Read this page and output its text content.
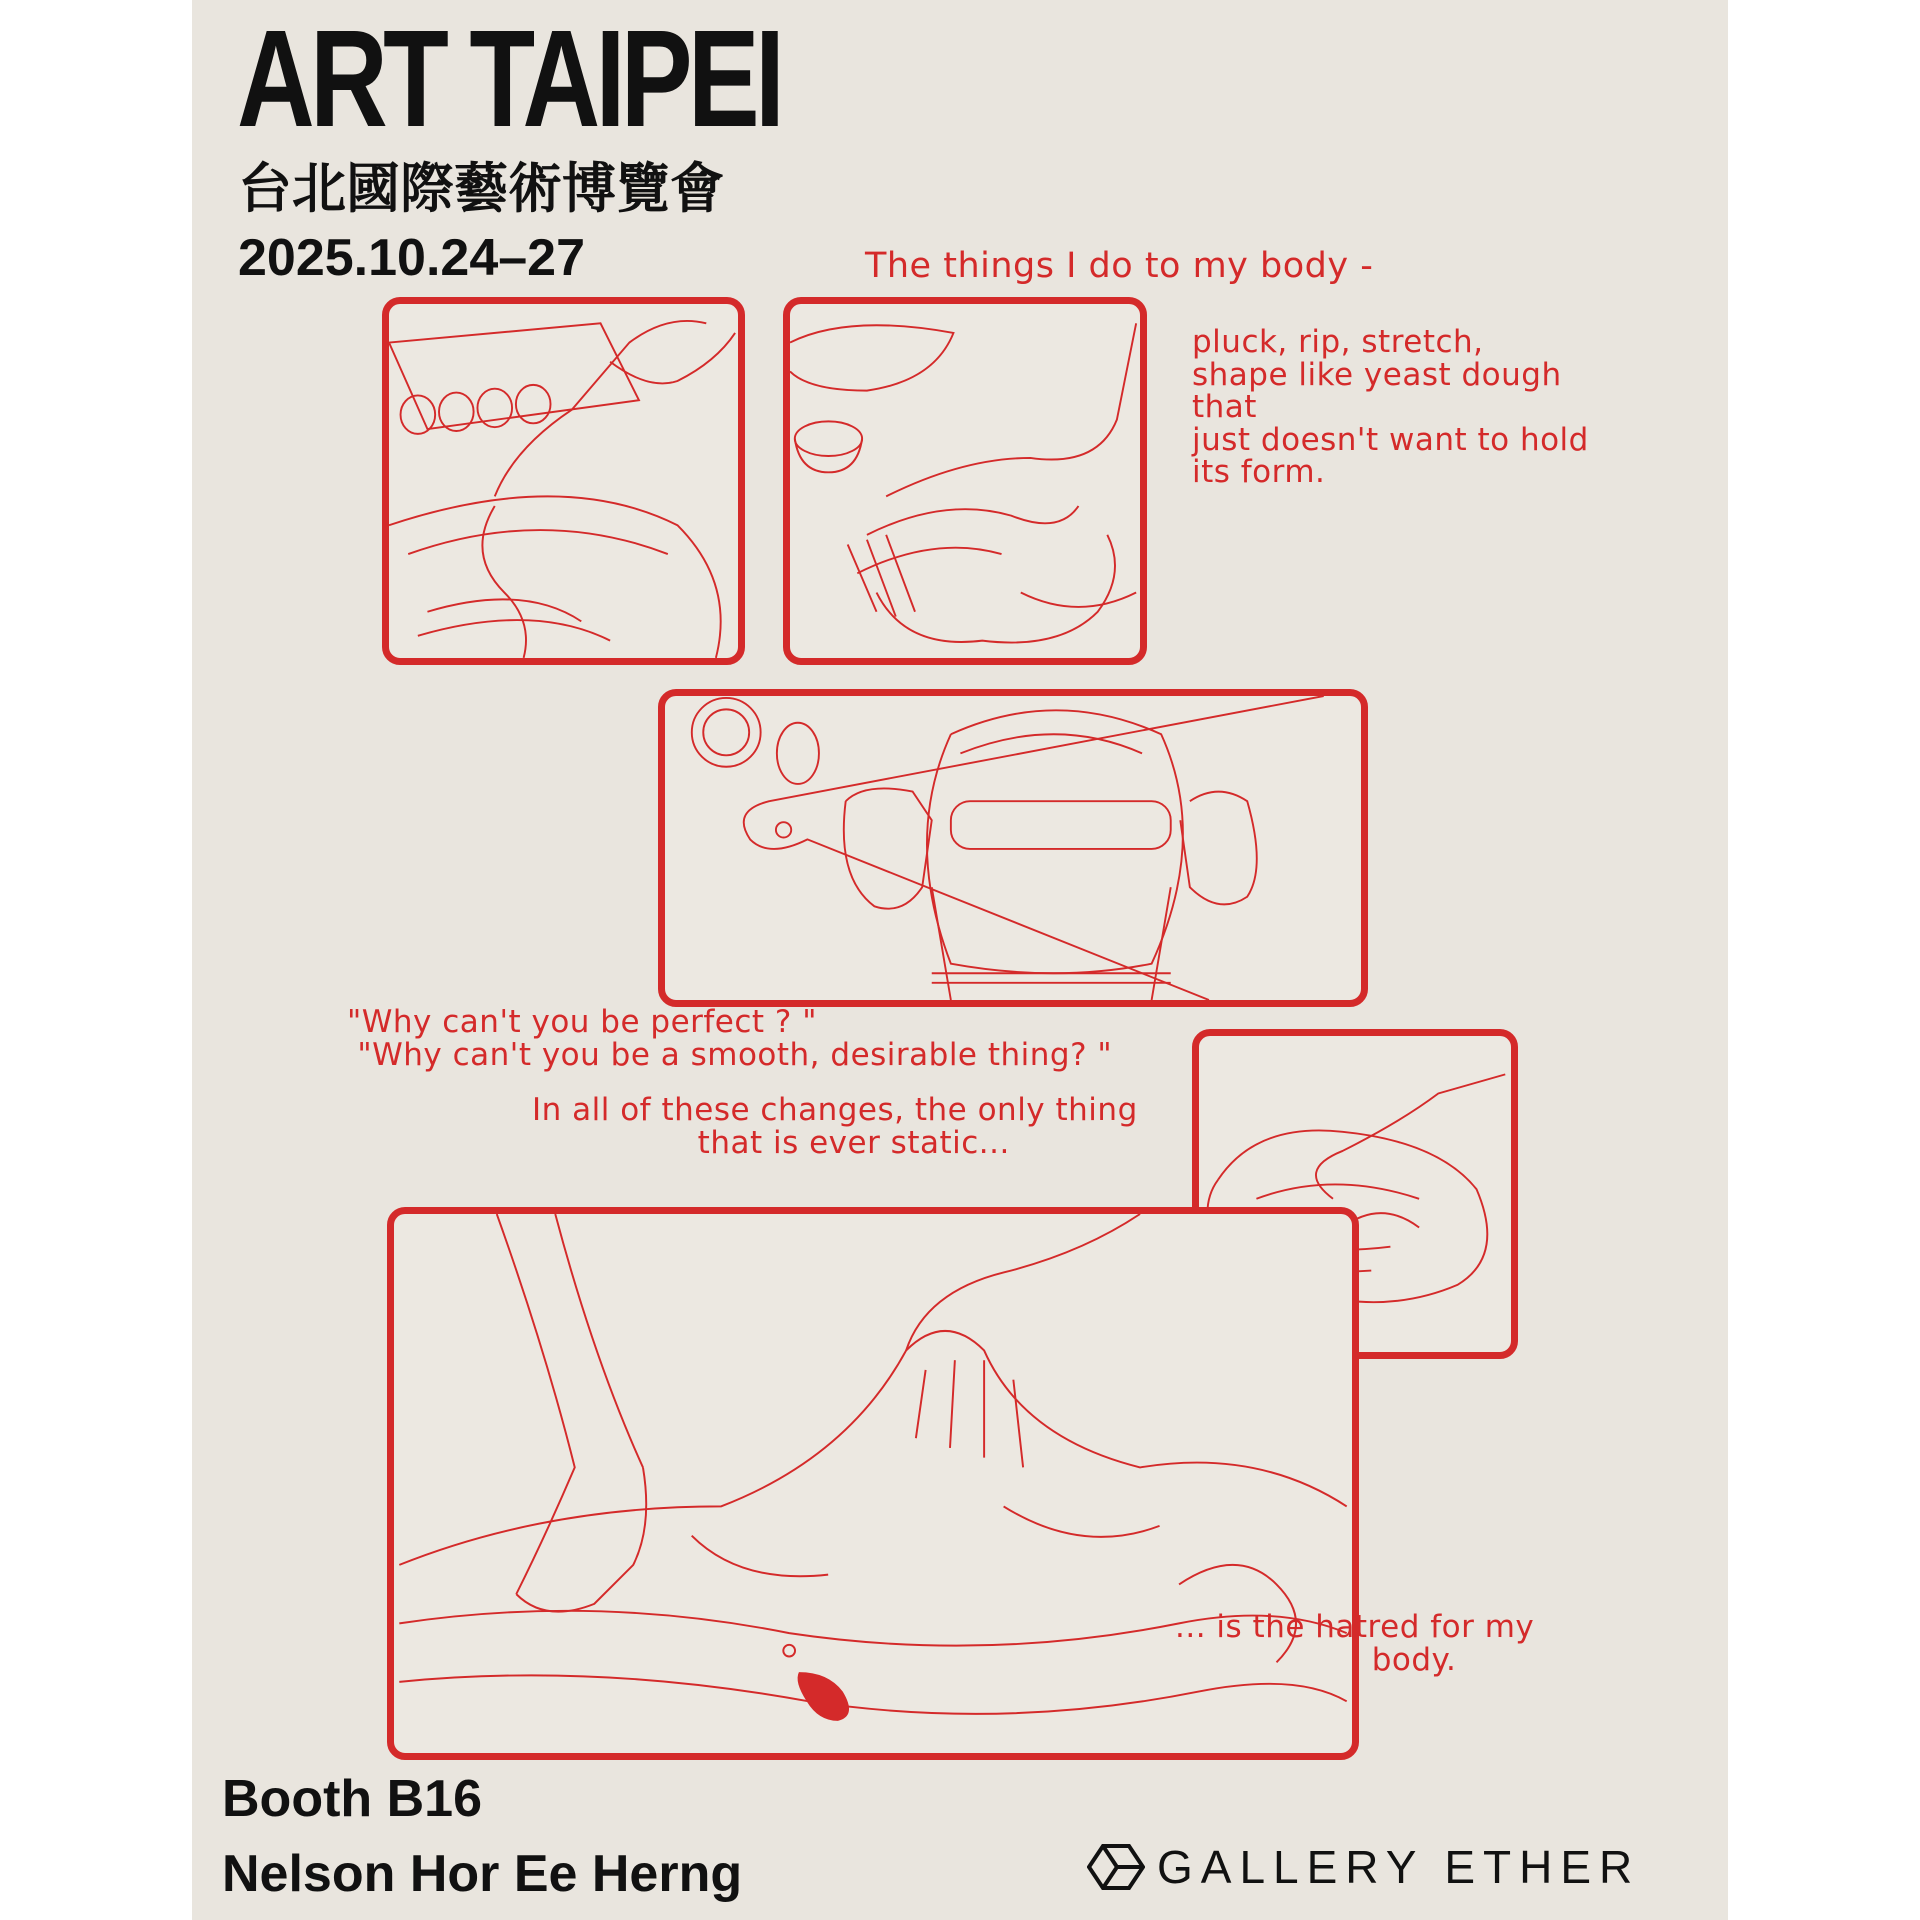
ART TAIPEI
台北國際藝術博覽會
2025.10.24–27	The things I do to my body -
pluck, rip, stretch,
shape like yeast dough
that
just doesn't want to hold
its form.
"Why can't you be perfect ? "
"Why can't you be a smooth, desirable thing? "
In all of these changes, the only thing
that is ever static...
... is the hatred for my
body.
Booth B16
Nelson Hor Ee Herng	GALLERY ETHER
